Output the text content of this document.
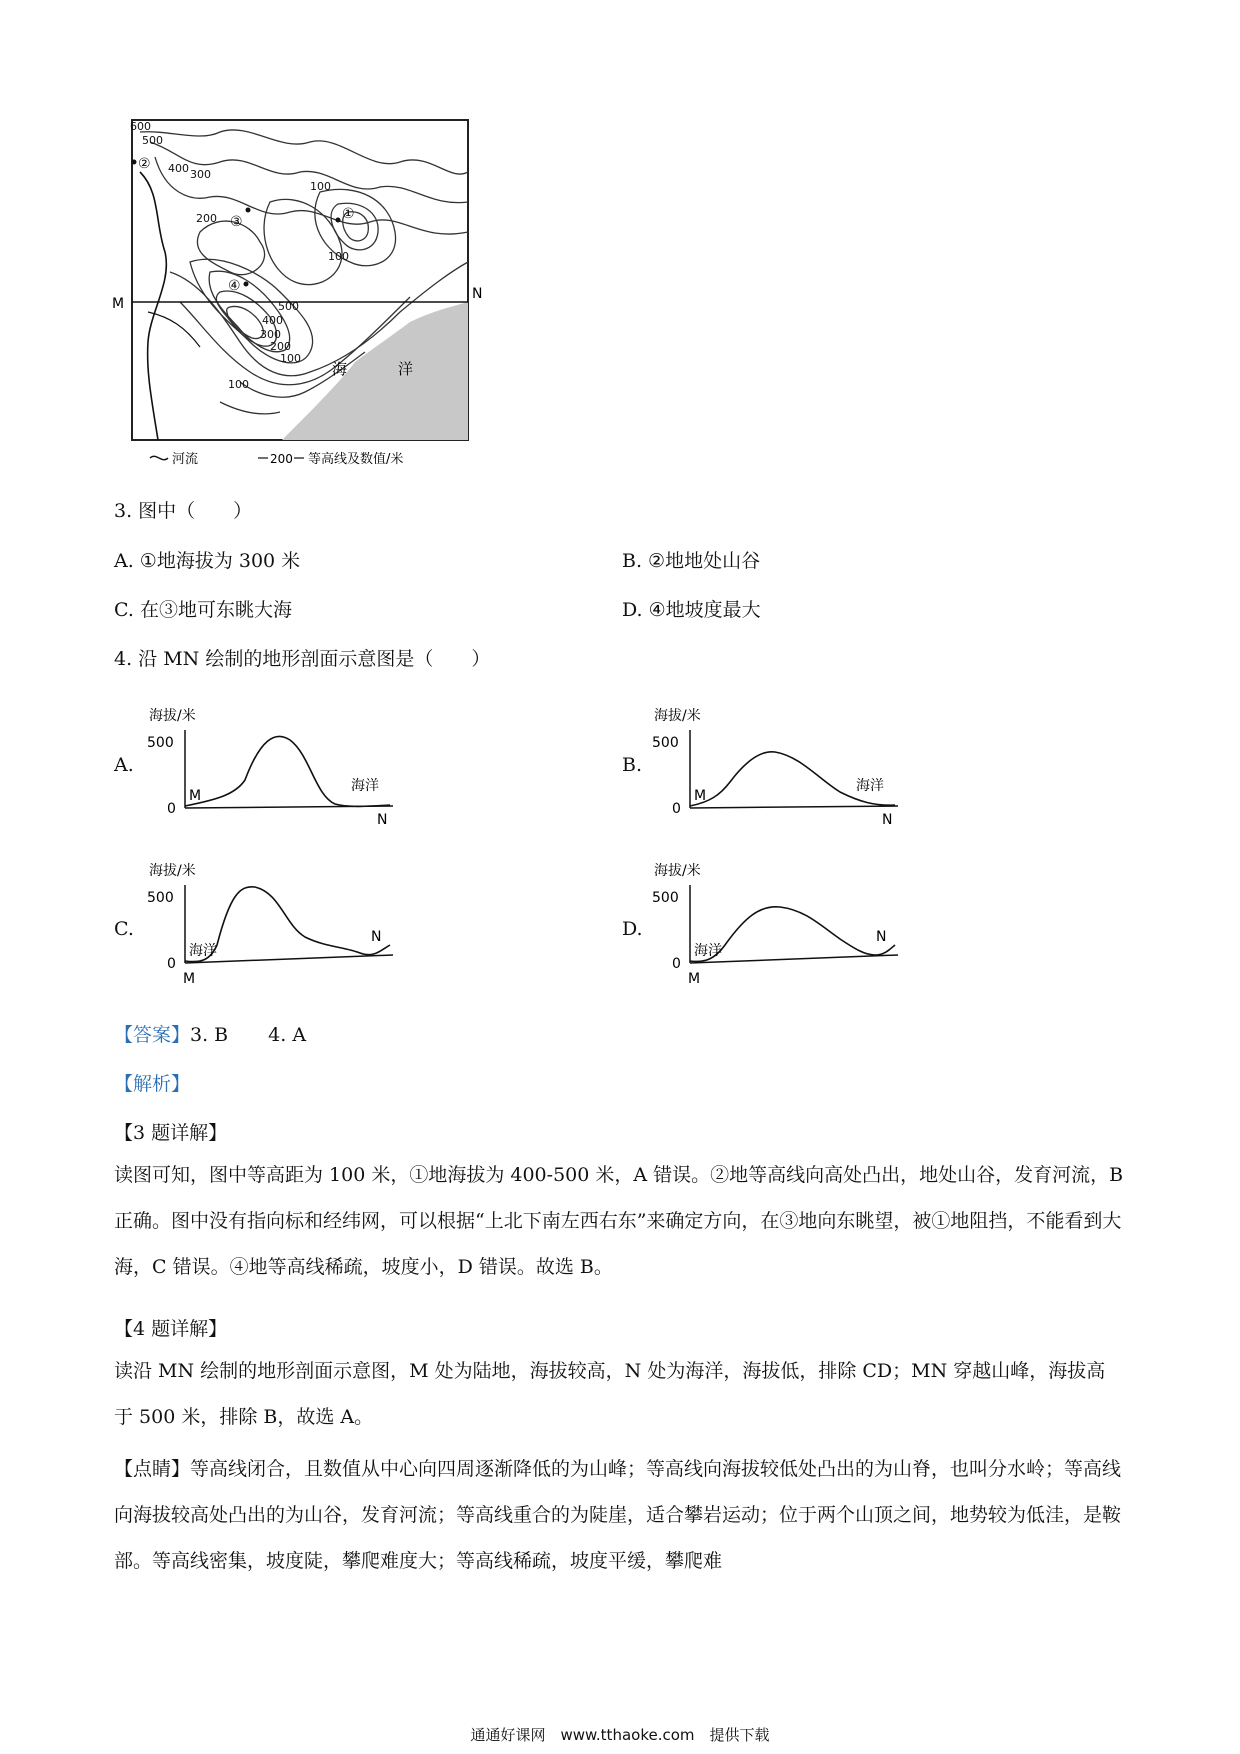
M
N
600
500
400 300
100
200
100
500
400
300
200
100
100
②
③	①
④
海	洋
河流	200 等高线及数值/米
3. 图中（　　）
A. ①地海拔为 300 米	B. ②地地处山谷
C. 在③地可东眺大海	D. ④地坡度最大
4. 沿 MN 绘制的地形剖面示意图是（　　）
A.	B.
C.	D.
海拔/米
500
0
M
海洋
N
海拔/米
500
0
M
海洋
N
海拔/米
500
0
M
海洋
N
海拔/米
500
0
M
海洋
N
【答案】3. B 4. A
【解析】
【3 题详解】
读图可知，图中等高距为 100 米，①地海拔为 400-500 米，A 错误。②地等高线向高处凸出，地处山谷，发育河流，B 正确。图中没有指向标和经纬网，可以根据“上北下南左西右东”来确定方向，在③地向东眺望，被①地阻挡，不能看到大海，C 错误。④地等高线稀疏，坡度小，D 错误。故选 B。
【4 题详解】
读沿 MN 绘制的地形剖面示意图，M 处为陆地，海拔较高，N 处为海洋，海拔低，排除 CD；MN 穿越山峰，海拔高于 500 米，排除 B，故选 A。
【点睛】等高线闭合，且数值从中心向四周逐渐降低的为山峰；等高线向海拔较低处凸出的为山脊，也叫分水岭；等高线向海拔较高处凸出的为山谷，发育河流；等高线重合的为陡崖，适合攀岩运动；位于两个山顶之间，地势较为低洼，是鞍部。等高线密集，坡度陡，攀爬难度大；等高线稀疏，坡度平缓，攀爬难
通通好课网　www.tthaoke.com　提供下载
